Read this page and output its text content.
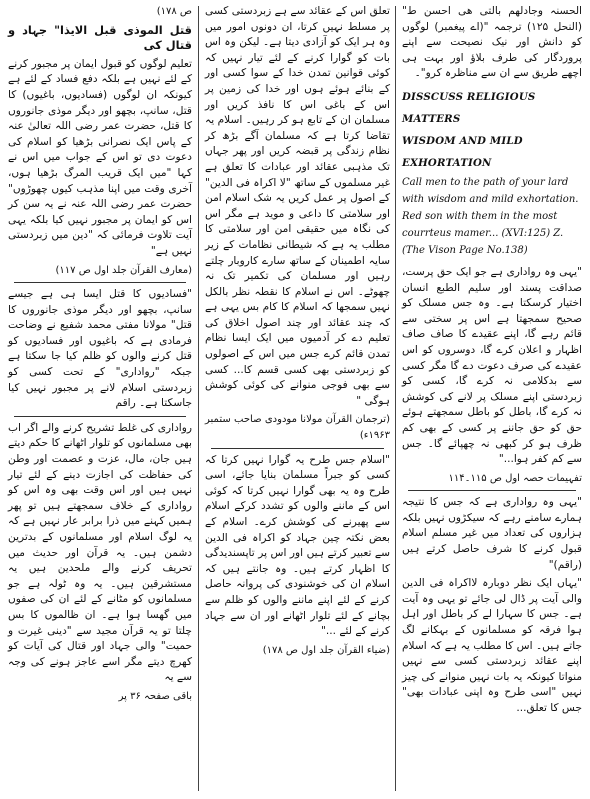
الحسنہ وجادلھم بالتی ھی احسن ط" (النحل ۱۲۵) ترجمہ "(اے پیغمبر) لوگوں کو دانش اور نیک نصیحت سے اپنے پروردگار کی طرف بلاؤ اور بہت ہی اچھے طریق سے ان سے مناظرہ کرو"۔

DISSCUSS RELIGIOUS MATTERS
WISDOM AND MILD
EXHORTATION
Call men to the path of your lard with wisdom and mild exhortation. Red son with them in the most courrteus mamer... (XVI:125) Z. (The Vison Page No.138)

"یہی وہ رواداری ہے جو ایک حق پرست، صداقت پسند اور سلیم الطبع انسان اختیار کرسکتا ہے۔ وہ جس مسلک کو صحیح سمجھتا ہے اس پر سختی سے قائم رہے گا، اپنے عقیدے کا صاف صاف اظہار و اعلان کرے گا، دوسروں کو اس عقیدے کی صرف دعوت دے گا مگر کسی سے بدکلامی نہ کرے گا، کسی کو زبردستی اپنے مسلک پر لانے کی کوشش نہ کرے گا، باطل کو باطل سمجھتے ہوئے حق کو حق جاننے پر کسی کے بھی کم ظرف ہو کر کبھی نہ چھپائے گا۔ جس سے کم کفر ہوا..."

تفہیمات حصہ اول ص ۱۱۵۔۱۱۴

"یہی وہ رواداری ہے کہ جس کا نتیجہ ہمارے سامنے رہے کہ سیکڑوں نہیں بلکہ ہزاروں کی تعداد میں غیر مسلم اسلام قبول کرنے کا شرف حاصل کرتے ہیں (راقم)"

"یہاں ایک نظر دوبارہ لااکراہ فی الدین والی آیت پر ڈال لی جائے تو یہی وہ آیت ہے۔ جس کا سہارا لے کر باطل اور اہل ہوا فرقہ کو مسلمانوں کے بہکانے لگ جاتے ہیں۔ اس کا مطلب یہ ہے کہ اسلام اپنے عقائد زبردستی کسی سے نہیں منواتا کیونکہ یہ بات نہیں منوانے کی چیز نہیں "اسی طرح وہ اپنی عبادات بھی" جس کا تعلق...

تعلق اس کے عقائد سے ہے زبردستی کسی پر مسلط نہیں کرتا، ان دونوں امور میں وہ ہر ایک کو آزادی دیتا ہے۔ لیکن وہ اس بات کو گوارا کرنے کے لئے تیار نہیں کہ کوئی قوانین تمدن خدا کے سوا کسی اور کے بنائے ہوئے ہوں اور خدا کی زمین پر اس کے باغی اس کا نافذ کریں اور مسلمان ان کے تابع ہو کر رہیں۔ اسلام یہ تقاضا کرتا ہے کہ مسلمان آگے بڑھ کر نظام زندگی پر قبضہ کریں اور پھر جہاں تک مذہبی عقائد اور عبادات کا تعلق ہے غیر مسلموں کے ساتھ "لا اکراہ فی الدین" کے اصول پر عمل کریں یہ شک اسلام امن اور سلامتی کا داعی و موید ہے مگر اس کی نگاہ میں حقیقی امن اور سلامتی کا مطلب یہ ہے کہ شیطانی نظامات کے زیر سایہ اطمینان کے ساتھ سارے کاروبار چلتے رہیں اور مسلمان کی تکمیر تک نہ چھوٹے۔ اس نے اسلام کا نقطہ نظر بالکل نہیں سمجھا کہ اسلام کا کام بس یہی ہے کہ چند عقائد اور چند اصول اخلاق کی تعلیم دے کر آدمیوں میں ایک ایسا نظام تمدن قائم کرے جس میں اس کے اصولوں کو زبردستی بھی کسی قسم کا... کسی سے بھی فوجی منوانے کی کوئی کوشش ہوگی "

(ترجمان القرآن مولانا مودودی صاحب ستمبر ۱۹۶۳ء)

"اسلام جس طرح یہ گوارا نہیں کرتا کہ کسی کو جبراً مسلمان بنایا جائے، اسی طرح وہ یہ بھی گوارا نہیں کرتا کہ کوئی اس کے ماننے والوں کو تشدد کرکے اسلام سے پھیرنے کی کوشش کرے۔ اسلام کے بعض نکتہ چین جہاد کو اکراہ فی الدین سے تعبیر کرتے ہیں اور اس پر تاپسندیدگی کا اظہار کرتے ہیں۔ وہ جانتے ہیں کہ اسلام ان کی خوشنودی کی پروانہ حاصل کرنے کے لئے اپنے ماننے والوں کو ظلم سے بچانے کے لئے تلوار اٹھانے اور ان سے جہاد کرنے کے لئے ..."

(ضیاء القرآن جلد اول ص ۱۷۸)

ص ۱۷۸)

قتل الموذی قبل الایذا" جہاد و قتال کی

تعلیم لوگوں کو قبول ایمان پر مجبور کرنے کے لئے نہیں ہے بلکہ دفع فساد کے لئے ہے کیونکہ ان لوگوں (فسادیوں، باغیوں) کا قتل، سانپ، بچھو اور دیگر موذی جانوروں کا قتل، حضرت عمر رضی اللہ تعالیٰ عنہ کے پاس ایک نصرانی بڑھیا کو اسلام کی دعوت دی تو اس کے جواب میں اس نے کہا "میں ایک قریب المرگ بڑھیا ہوں، آخری وقت میں اپنا مذہب کیوں چھوڑوں" حضرت عمر رضی اللہ عنہ نے یہ سن کر اس کو ایمان پر مجبور نہیں کیا بلکہ یہی آیت تلاوت فرمائی کہ "دین میں زبردستی نہیں ہے"

(معارف القرآن جلد اول ص ۱۱۷)

"فسادیوں کا قتل ایسا ہی ہے جیسے سانپ، بچھو اور دیگر موذی جانوروں کا قتل" مولانا مفتی محمد شفیع نے وضاحت فرمادی ہے کہ باغیوں اور فسادیوں کو قتل کرنے والوں کو ظلم کیا جا سکتا ہے جبکہ "رواداری" کے تحت کسی کو زبردستی اسلام لانے پر مجبور نہیں کیا جاسکتا ہے۔ راقم

رواداری کی غلط تشریح کرنے والے اگر اب بھی مسلمانوں کو تلوار اٹھانے کا حکم دیتے ہیں جان، مال، عزت و عصمت اور وطن کی حفاظت کی اجازت دینے کے لئے تیار نہیں ہیں اور اس وقت بھی وہ اس کو رواداری کے خلاف سمجھتے ہیں تو پھر ہمیں کہنے میں ذرا برابر عار نہیں ہے کہ یہ لوگ اسلام اور مسلمانوں کے بدترین دشمن ہیں۔ یہ قرآن اور حدیث میں تحریف کرنے والے ملحدین ہیں یہ مستشرقین ہیں۔ یہ وہ ٹولہ ہے جو مسلمانوں کو مٹانے کے لئے ان کی صفوں میں گھسا ہوا ہے۔ ان ظالموں کا بس چلتا تو یہ قرآن مجید سے "دینی غیرت و حمیت" والی جہاد اور قتال کی آیات کو کھرچ دیتے مگر اسے عاجز ہونے کی وجہ سے یہ

باقی صفحہ ۳۶ پر
